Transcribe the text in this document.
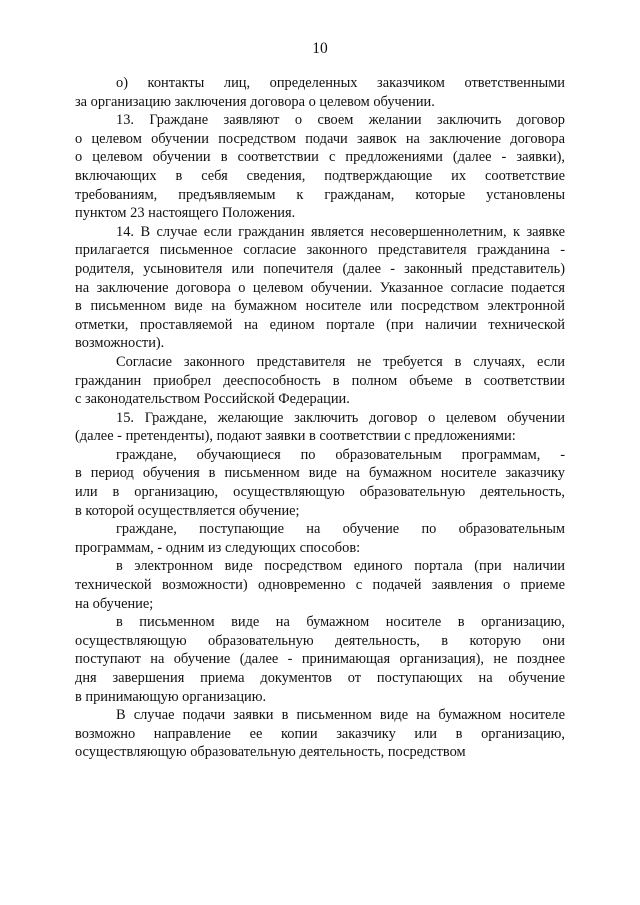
10
о) контакты лиц, определенных заказчиком ответственными
за организацию заключения договора о целевом обучении.
13. Граждане заявляют о своем желании заключить договор
о целевом обучении посредством подачи заявок на заключение договора
о целевом обучении в соответствии с предложениями (далее - заявки),
включающих в себя сведения, подтверждающие их соответствие
требованиям, предъявляемым к гражданам, которые установлены
пунктом 23 настоящего Положения.
14. В случае если гражданин является несовершеннолетним, к заявке
прилагается письменное согласие законного представителя гражданина -
родителя, усыновителя или попечителя (далее - законный представитель)
на заключение договора о целевом обучении. Указанное согласие подается
в письменном виде на бумажном носителе или посредством электронной
отметки, проставляемой на едином портале (при наличии технической
возможности).
Согласие законного представителя не требуется в случаях, если
гражданин приобрел дееспособность в полном объеме в соответствии
с законодательством Российской Федерации.
15. Граждане, желающие заключить договор о целевом обучении
(далее - претенденты), подают заявки в соответствии с предложениями:
граждане, обучающиеся по образовательным программам, -
в период обучения в письменном виде на бумажном носителе заказчику
или в организацию, осуществляющую образовательную деятельность,
в которой осуществляется обучение;
граждане, поступающие на обучение по образовательным
программам, - одним из следующих способов:
в электронном виде посредством единого портала (при наличии
технической возможности) одновременно с подачей заявления о приеме
на обучение;
в письменном виде на бумажном носителе в организацию,
осуществляющую образовательную деятельность, в которую они
поступают на обучение (далее - принимающая организация), не позднее
дня завершения приема документов от поступающих на обучение
в принимающую организацию.
В случае подачи заявки в письменном виде на бумажном носителе
возможно направление ее копии заказчику или в организацию,
осуществляющую образовательную деятельность, посредством
